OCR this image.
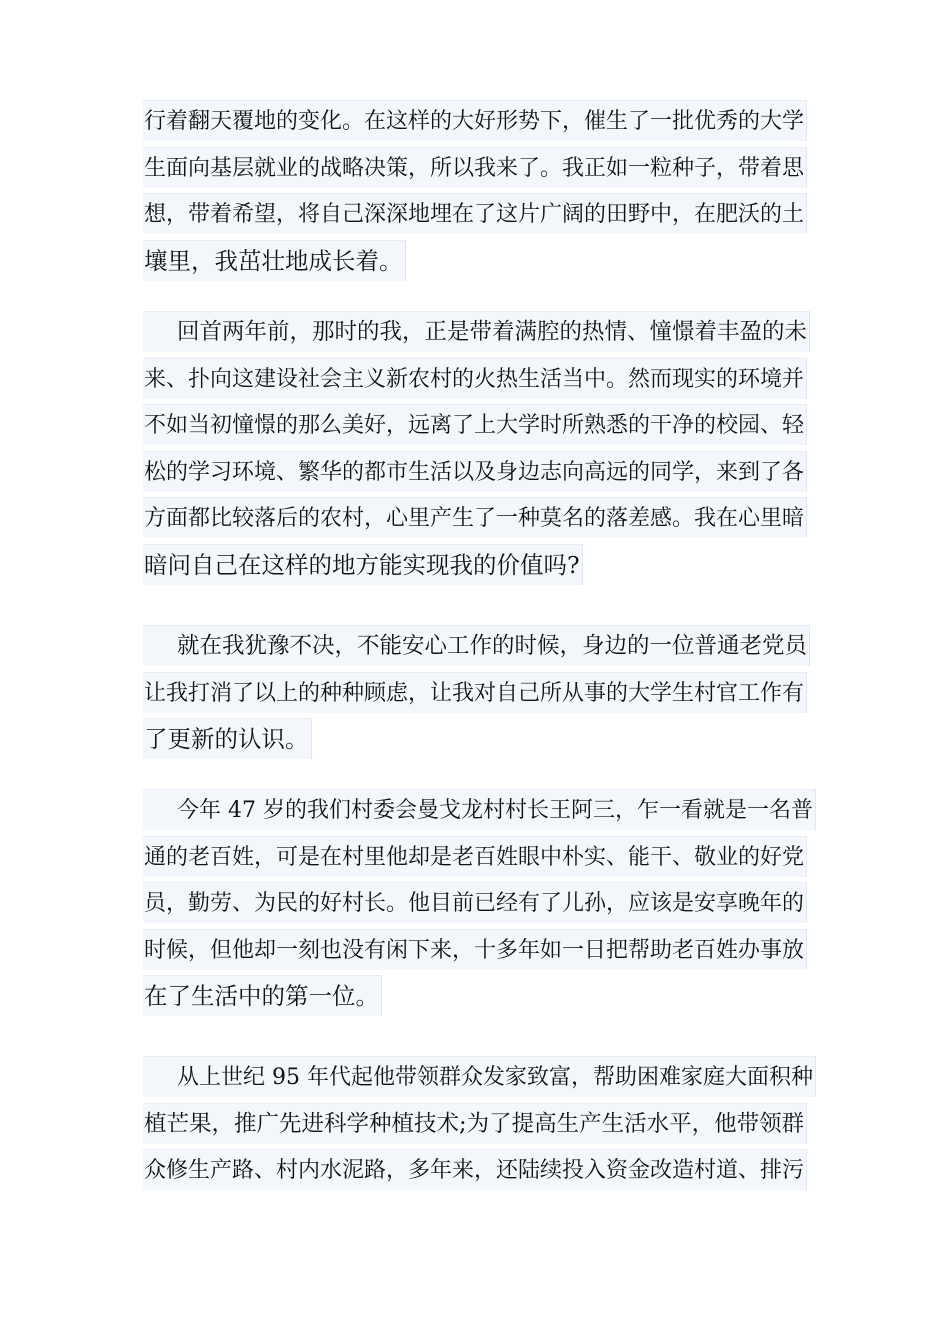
行着翻天覆地的变化。在这样的大好形势下，催生了一批优秀的大学
生面向基层就业的战略决策，所以我来了。我正如一粒种子，带着思
想，带着希望，将自己深深地埋在了这片广阔的田野中，在肥沃的土
壤里，我茁壮地成长着。
回首两年前，那时的我，正是带着满腔的热情、憧憬着丰盈的未
来、扑向这建设社会主义新农村的火热生活当中。然而现实的环境并
不如当初憧憬的那么美好，远离了上大学时所熟悉的干净的校园、轻
松的学习环境、繁华的都市生活以及身边志向高远的同学，来到了各
方面都比较落后的农村，心里产生了一种莫名的落差感。我在心里暗
暗问自己在这样的地方能实现我的价值吗?
就在我犹豫不决，不能安心工作的时候，身边的一位普通老党员
让我打消了以上的种种顾虑，让我对自己所从事的大学生村官工作有
了更新的认识。
今年 47 岁的我们村委会曼戈龙村村长王阿三，乍一看就是一名普
通的老百姓，可是在村里他却是老百姓眼中朴实、能干、敬业的好党
员，勤劳、为民的好村长。他目前已经有了儿孙，应该是安享晚年的
时候，但他却一刻也没有闲下来，十多年如一日把帮助老百姓办事放
在了生活中的第一位。
从上世纪 95 年代起他带领群众发家致富，帮助困难家庭大面积种
植芒果，推广先进科学种植技术;为了提高生产生活水平，他带领群
众修生产路、村内水泥路，多年来，还陆续投入资金改造村道、排污
